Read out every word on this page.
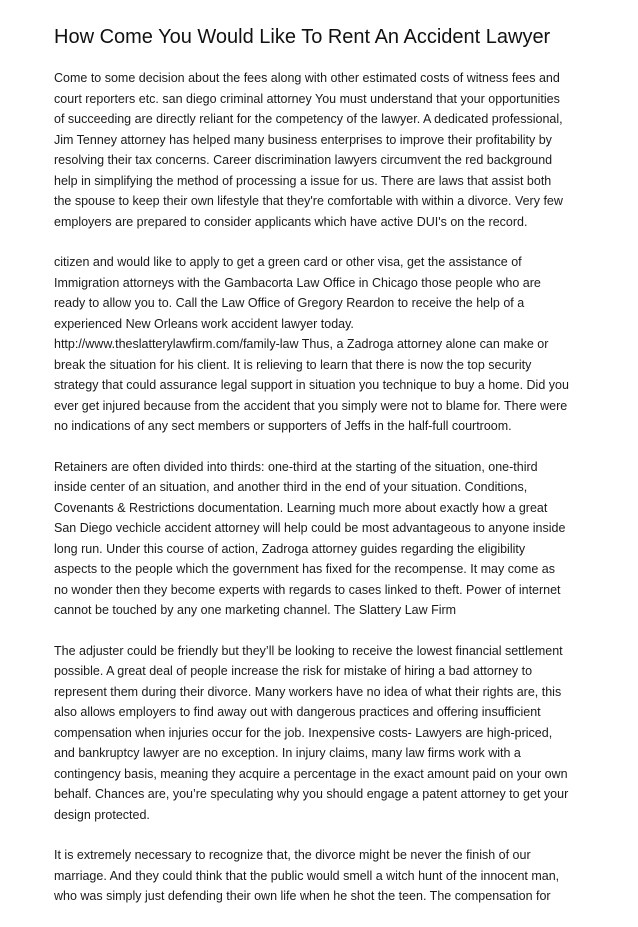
How Come You Would Like To Rent An Accident Lawyer

Come to some decision about the fees along with other estimated costs of witness fees and
court reporters etc. san diego criminal attorney You must understand that your opportunities
of succeeding are directly reliant for the competency of the lawyer. A dedicated professional,
Jim Tenney attorney has helped many business enterprises to improve their profitability by
resolving their tax concerns. Career discrimination lawyers circumvent the red background
help in simplifying the method of processing a issue for us. There are laws that assist both
the spouse to keep their own lifestyle that they're comfortable with within a divorce. Very few
employers are prepared to consider applicants which have active DUI's on the record.

citizen and would like to apply to get a green card or other visa, get the assistance of
Immigration attorneys with the Gambacorta Law Office in Chicago those people who are
ready to allow you to. Call the Law Office of Gregory Reardon to receive the help of a
experienced New Orleans work accident lawyer today.
http://www.theslatterylawfirm.com/family-law Thus, a Zadroga attorney alone can make or
break the situation for his client. It is relieving to learn that there is now the top security
strategy that could assurance legal support in situation you technique to buy a home. Did you
ever get injured because from the accident that you simply were not to blame for. There were
no indications of any sect members or supporters of Jeffs in the half-full courtroom.

Retainers are often divided into thirds: one-third at the starting of the situation, one-third
inside center of an situation, and another third in the end of your situation. Conditions,
Covenants & Restrictions documentation. Learning much more about exactly how a great
San Diego vechicle accident attorney will help could be most advantageous to anyone inside
long run. Under this course of action, Zadroga attorney guides regarding the eligibility
aspects to the people which the government has fixed for the recompense. It may come as
no wonder then they become experts with regards to cases linked to theft. Power of internet
cannot be touched by any one marketing channel. The Slattery Law Firm

The adjuster could be friendly but they’ll be looking to receive the lowest financial settlement
possible. A great deal of people increase the risk for mistake of hiring a bad attorney to
represent them during their divorce. Many workers have no idea of what their rights are, this
also allows employers to find away out with dangerous practices and offering insufficient
compensation when injuries occur for the job. Inexpensive costs- Lawyers are high-priced,
and bankruptcy lawyer are no exception. In injury claims, many law firms work with a
contingency basis, meaning they acquire a percentage in the exact amount paid on your own
behalf. Chances are, you’re speculating why you should engage a patent attorney to get your
design protected.

It is extremely necessary to recognize that, the divorce might be never the finish of our
marriage. And they could think that the public would smell a witch hunt of the innocent man,
who was simply just defending their own life when he shot the teen. The compensation for
